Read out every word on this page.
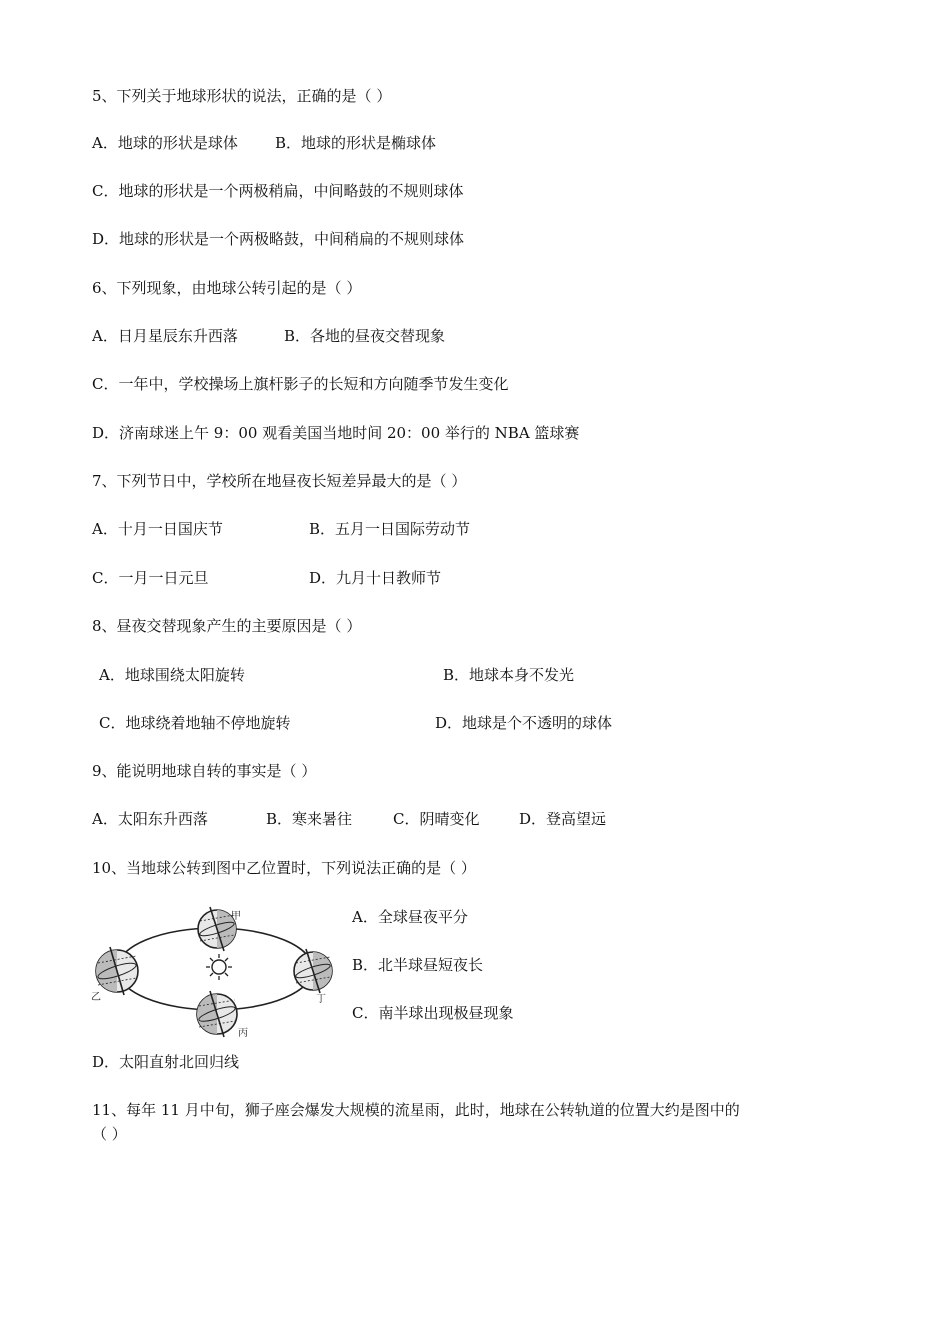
5、下列关于地球形状的说法，正确的是（ ）
A．地球的形状是球体 B．地球的形状是椭球体
C．地球的形状是一个两极稍扁，中间略鼓的不规则球体
D．地球的形状是一个两极略鼓，中间稍扁的不规则球体
6、下列现象，由地球公转引起的是（ ）
A．日月星辰东升西落	B．各地的昼夜交替现象
C．一年中，学校操场上旗杆影子的长短和方向随季节发生变化
D．济南球迷上午 9：00 观看美国当地时间 20：00 举行的 NBA 篮球赛
7、下列节日中，学校所在地昼夜长短差异最大的是（ ）
A．十月一日国庆节	B．五月一日国际劳动节
C．一月一日元旦	D．九月十日教师节
8、昼夜交替现象产生的主要原因是（ ）
A．地球围绕太阳旋转	B．地球本身不发光
C．地球绕着地轴不停地旋转	D．地球是个不透明的球体
9、能说明地球自转的事实是（ ）
A．太阳东升西落	B．寒来暑往	C．阴晴变化	D．登高望远
10、当地球公转到图中乙位置时，下列说法正确的是（ ）
甲
乙
丙
丁
A．全球昼夜平分
B．北半球昼短夜长
C．南半球出现极昼现象
D．太阳直射北回归线
11、每年 11 月中旬，狮子座会爆发大规模的流星雨，此时，地球在公转轨道的位置大约是图中的
（ ）
